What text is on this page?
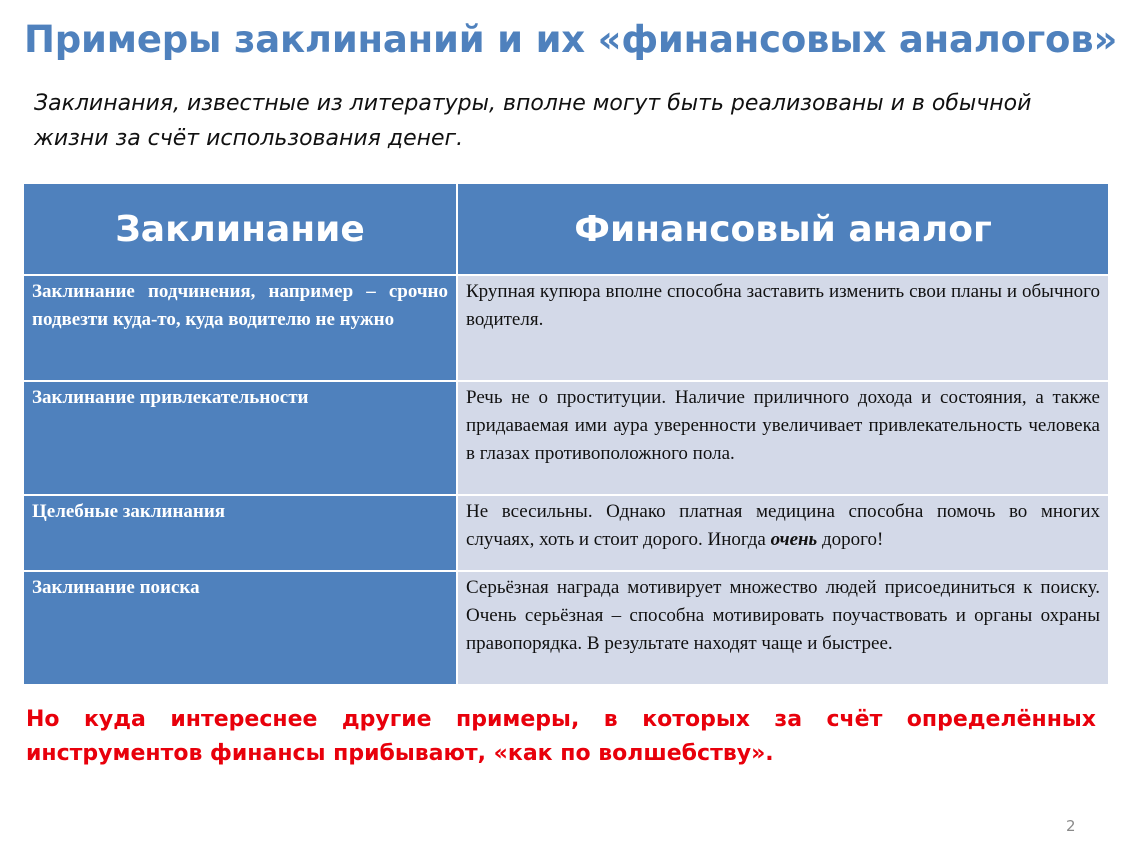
Примеры заклинаний и их «финансовых аналогов»
Заклинания, известные из литературы, вполне могут быть реализованы и в обычной жизни за счёт использования денег.
Заклинание	Финансовый аналог
Заклинание подчинения, например – срочно подвезти куда-то, куда водителю не нужно	Крупная купюра вполне способна заставить изменить свои планы и обычного водителя.
Заклинание привлекательности	Речь не о проституции. Наличие приличного дохода и состояния, а также придаваемая ими аура уверенности увеличивает привлекательность человека в глазах противоположного пола.
Целебные заклинания	Не всесильны. Однако платная медицина способна помочь во многих случаях, хоть и стоит дорого. Иногда очень дорого!
Заклинание поиска	Серьёзная награда мотивирует множество людей присоединиться к поиску. Очень серьёзная – способна мотивировать поучаствовать и органы охраны правопорядка. В результате находят чаще и быстрее.
Но куда интереснее другие примеры, в которых за счёт определённых инструментов финансы прибывают, «как по волшебству».
2
